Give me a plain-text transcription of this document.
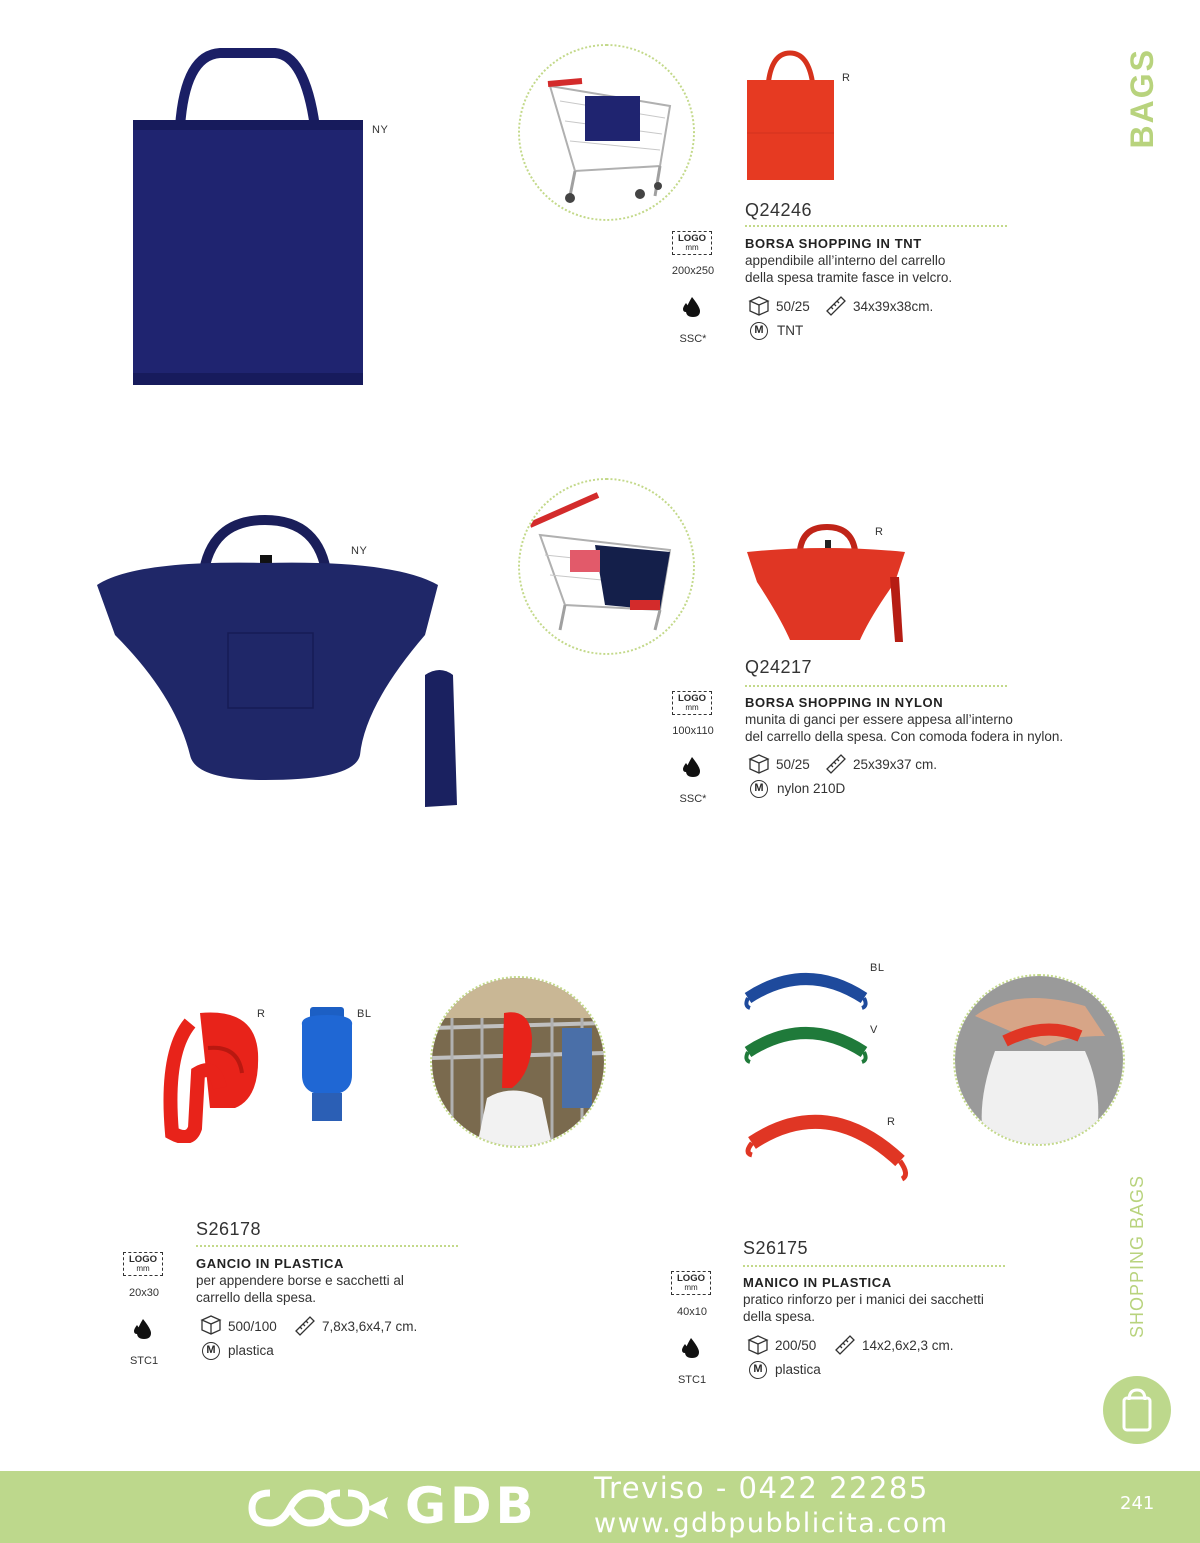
BAGS
SHOPPING BAGS
NY
R
Q24246
BORSA SHOPPING IN TNT
appendibile all’interno del carrello
della spesa tramite fasce in velcro.
50/25	34x39x38cm.
M TNT
LOGO
mm
200x250
SSC*
NY
R
Q24217
BORSA SHOPPING IN NYLON
munita di ganci per essere appesa all’interno
del carrello della spesa. Con comoda fodera in nylon.
50/25	25x39x37 cm.
M nylon 210D
LOGO
mm
100x110
SSC*
R	BL
S26178
GANCIO IN PLASTICA
per appendere borse e sacchetti al
carrello della spesa.
500/100	7,8x3,6x4,7 cm.
M plastica
LOGO
mm
20x30
STC1
BL
V
R
S26175
MANICO IN PLASTICA
pratico rinforzo per i manici dei sacchetti
della spesa.
200/50	14x2,6x2,3 cm.
M plastica
LOGO
mm
40x10
STC1
GDB Treviso - 0422 22285
www.gdbpubblicita.com
241
